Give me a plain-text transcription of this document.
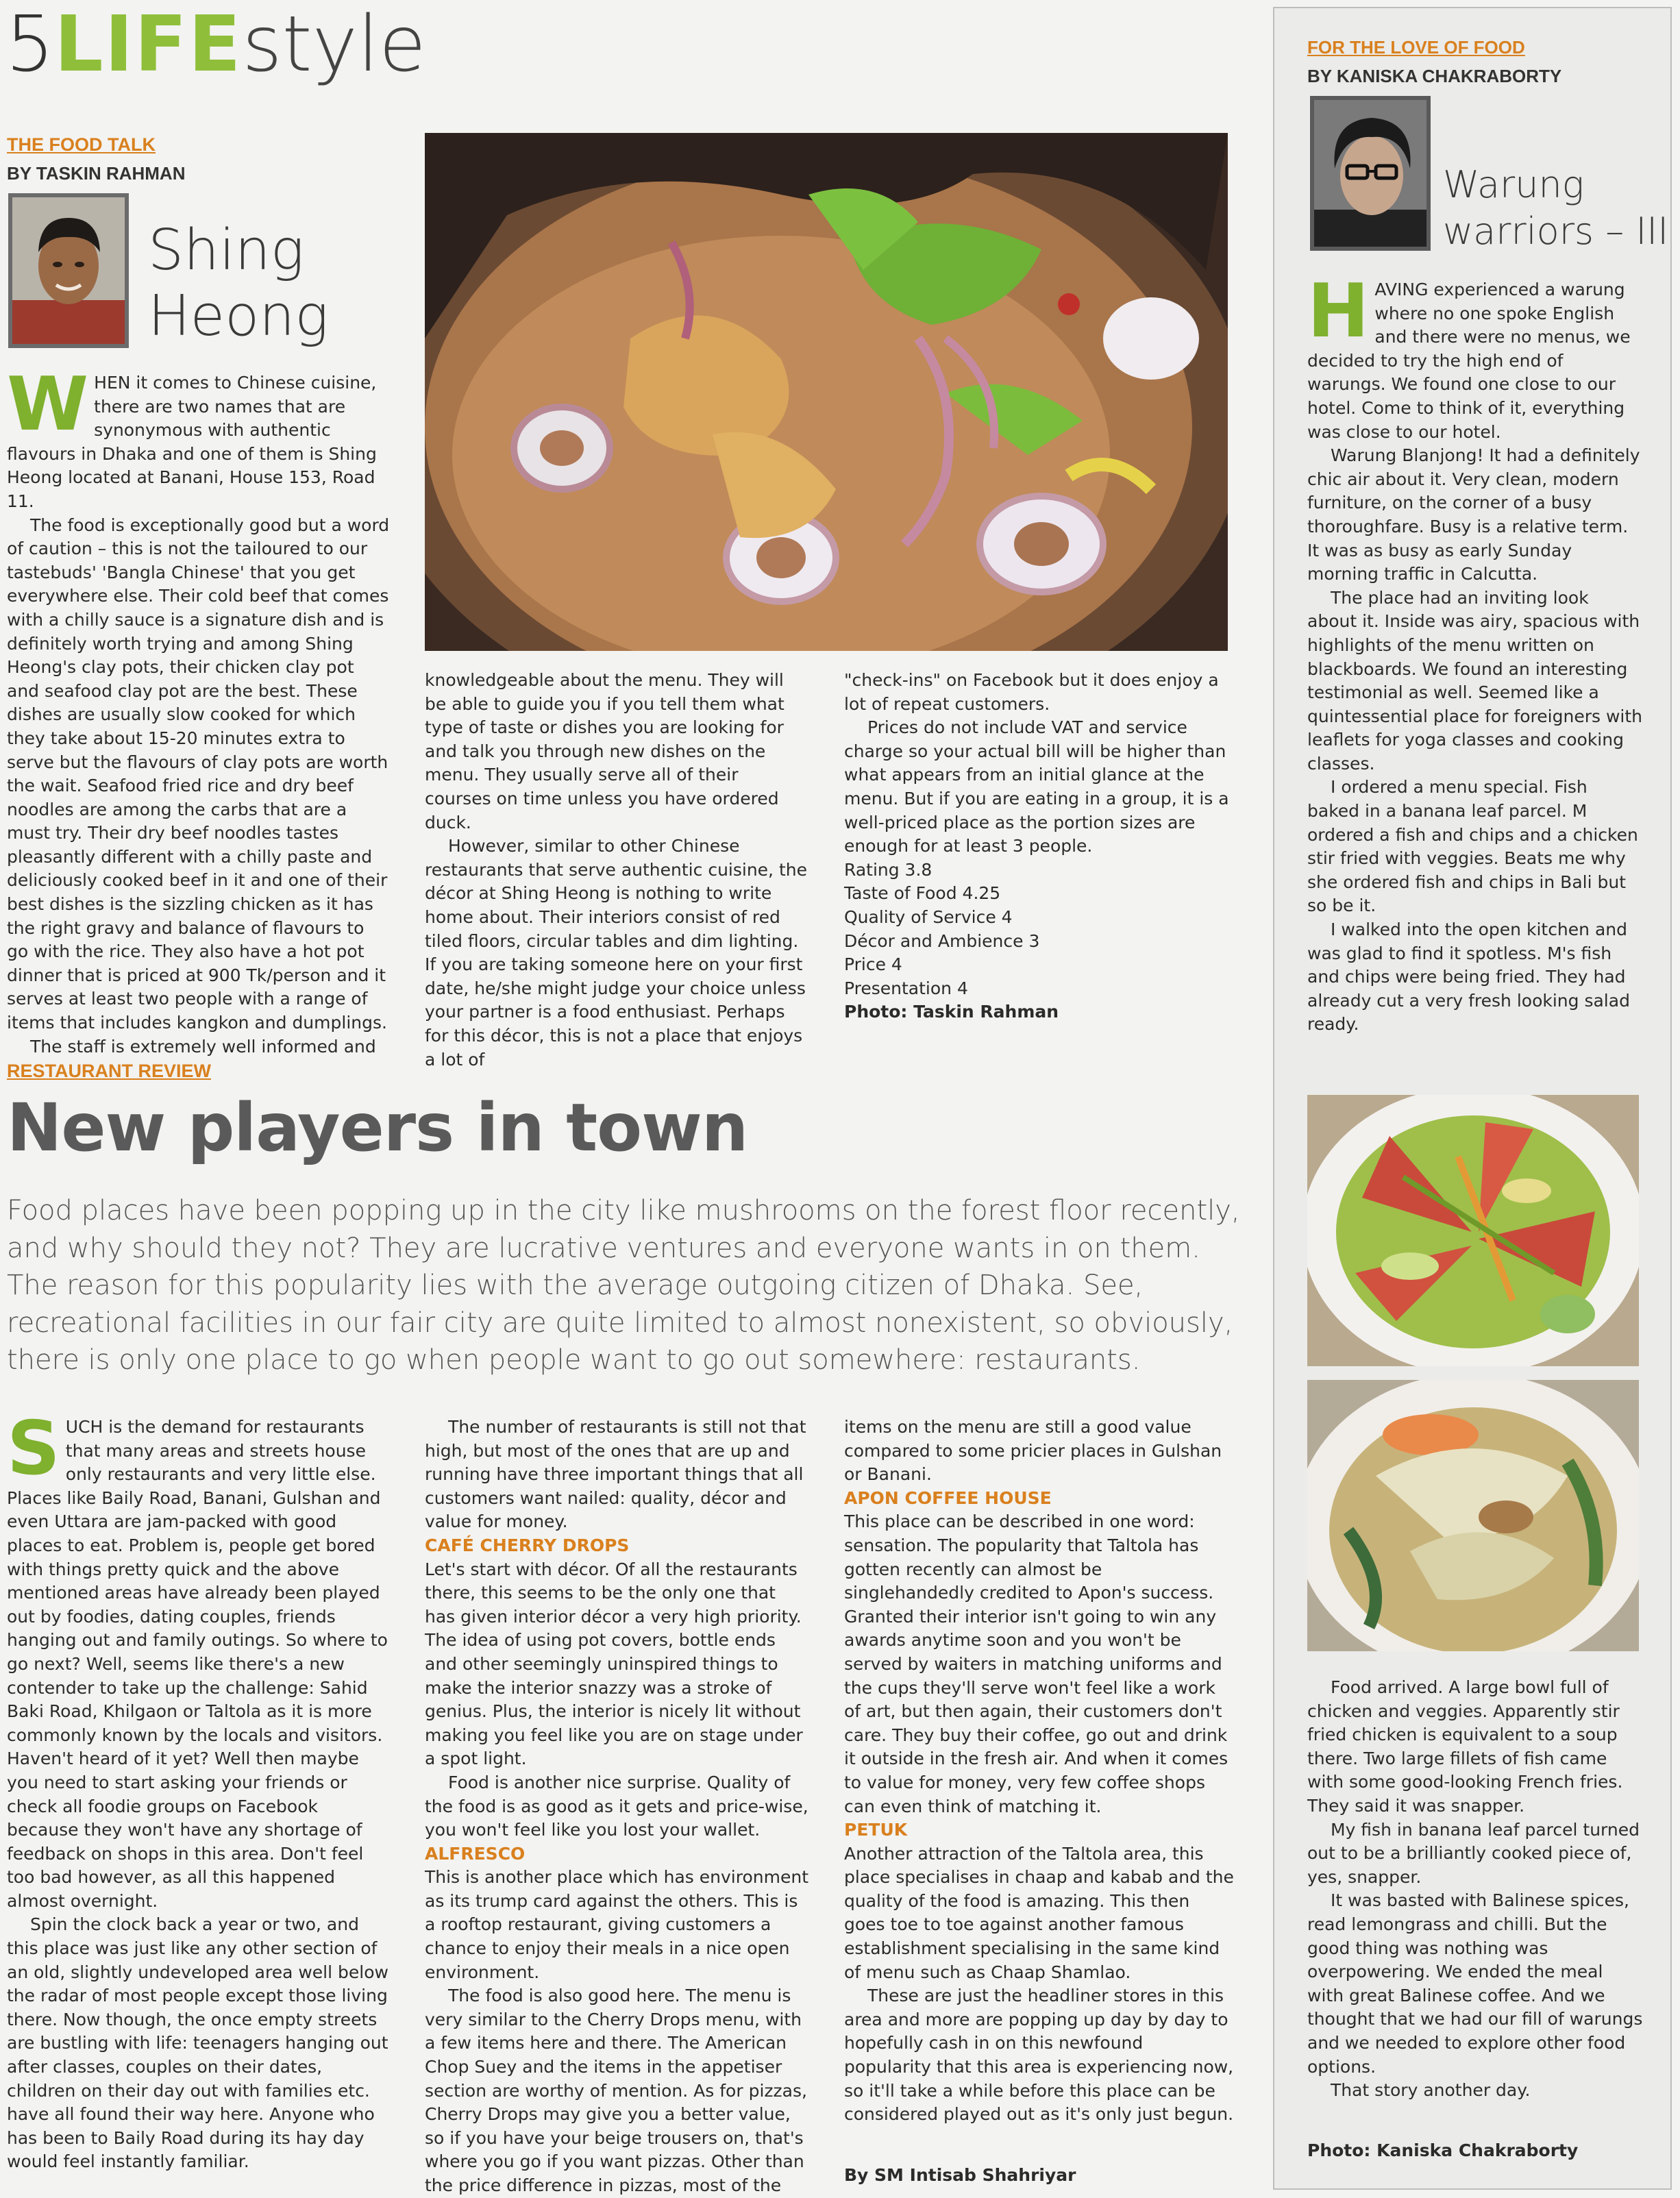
5 LIFE style
THE FOOD TALK
BY TASKIN RAHMAN
Shing
Heong
W HEN it comes to Chinese cuisine, there are two names that are synonymous with authentic flavours in Dhaka and one of them is Shing Heong located at Banani, House 153, Road 11.

The food is exceptionally good but a word of caution – this is not the tailoured to our tastebuds' 'Bangla Chinese' that you get everywhere else. Their cold beef that comes with a chilly sauce is a signature dish and is definitely worth trying and among Shing Heong's clay pots, their chicken clay pot and seafood clay pot are the best. These dishes are usually slow cooked for which they take about 15-20 minutes extra to serve but the flavours of clay pots are worth the wait. Seafood fried rice and dry beef noodles are among the carbs that are a must try. Their dry beef noodles tastes pleasantly different with a chilly paste and deliciously cooked beef in it and one of their best dishes is the sizzling chicken as it has the right gravy and balance of flavours to go with the rice. They also have a hot pot dinner that is priced at 900 Tk/person and it serves at least two people with a range of items that includes kangkon and dumplings.

The staff is extremely well informed and

knowledgeable about the menu. They will be able to guide you if you tell them what type of taste or dishes you are looking for and talk you through new dishes on the menu. They usually serve all of their courses on time unless you have ordered duck.

However, similar to other Chinese restaurants that serve authentic cuisine, the décor at Shing Heong is nothing to write home about. Their interiors consist of red tiled floors, circular tables and dim lighting. If you are taking someone here on your first date, he/she might judge your choice unless your partner is a food enthusiast. Perhaps for this décor, this is not a place that enjoys a lot of

"check-ins" on Facebook but it does enjoy a lot of repeat customers.

Prices do not include VAT and service charge so your actual bill will be higher than what appears from an initial glance at the menu. But if you are eating in a group, it is a well-priced place as the portion sizes are enough for at least 3 people.

Rating 3.8

Taste of Food 4.25

Quality of Service 4

Décor and Ambience 3

Price 4

Presentation 4

Photo: Taskin Rahman

RESTAURANT REVIEW
New players in town
Food places have been popping up in the city like mushrooms on the forest floor recently, and why should they not? They are lucrative ventures and everyone wants in on them. The reason for this popularity lies with the average outgoing citizen of Dhaka. See, recreational facilities in our fair city are quite limited to almost nonexistent, so obviously, there is only one place to go when people want to go out somewhere: restaurants.
S UCH is the demand for restaurants that many areas and streets house only restaurants and very little else. Places like Baily Road, Banani, Gulshan and even Uttara are jam-packed with good places to eat. Problem is, people get bored with things pretty quick and the above mentioned areas have already been played out by foodies, dating couples, friends hanging out and family outings. So where to go next? Well, seems like there's a new contender to take up the challenge: Sahid Baki Road, Khilgaon or Taltola as it is more commonly known by the locals and visitors. Haven't heard of it yet? Well then maybe you need to start asking your friends or check all foodie groups on Facebook because they won't have any shortage of feedback on shops in this area. Don't feel too bad however, as all this happened almost overnight.

Spin the clock back a year or two, and this place was just like any other section of an old, slightly undeveloped area well below the radar of most people except those living there. Now though, the once empty streets are bustling with life: teenagers hanging out after classes, couples on their dates, children on their day out with families etc. have all found their way here. Anyone who has been to Baily Road during its hay day would feel instantly familiar.

The number of restaurants is still not that high, but most of the ones that are up and running have three important things that all customers want nailed: quality, décor and value for money.

CAFÉ CHERRY DROPS

Let's start with décor. Of all the restaurants there, this seems to be the only one that has given interior décor a very high priority. The idea of using pot covers, bottle ends and other seemingly uninspired things to make the interior snazzy was a stroke of genius. Plus, the interior is nicely lit without making you feel like you are on stage under a spot light.

Food is another nice surprise. Quality of the food is as good as it gets and price-wise, you won't feel like you lost your wallet.

ALFRESCO

This is another place which has environment as its trump card against the others. This is a rooftop restaurant, giving customers a chance to enjoy their meals in a nice open environment.

The food is also good here. The menu is very similar to the Cherry Drops menu, with a few items here and there. The American Chop Suey and the items in the appetiser section are worthy of mention. As for pizzas, Cherry Drops may give you a better value, so if you have your beige trousers on, that's where you go if you want pizzas. Other than the price difference in pizzas, most of the

items on the menu are still a good value compared to some pricier places in Gulshan or Banani.

APON COFFEE HOUSE

This place can be described in one word: sensation. The popularity that Taltola has gotten recently can almost be singlehandedly credited to Apon's success. Granted their interior isn't going to win any awards anytime soon and you won't be served by waiters in matching uniforms and the cups they'll serve won't feel like a work of art, but then again, their customers don't care. They buy their coffee, go out and drink it outside in the fresh air. And when it comes to value for money, very few coffee shops can even think of matching it.

PETUK

Another attraction of the Taltola area, this place specialises in chaap and kabab and the quality of the food is amazing. This then goes toe to toe against another famous establishment specialising in the same kind of menu such as Chaap Shamlao.

These are just the headliner stores in this area and more are popping up day by day to hopefully cash in on this newfound popularity that this area is experiencing now, so it'll take a while before this place can be considered played out as it's only just begun.

By SM Intisab Shahriyar
FOR THE LOVE OF FOOD
BY KANISKA CHAKRABORTY
Warung
warriors – III
H AVING experienced a warung where no one spoke English and there were no menus, we decided to try the high end of warungs. We found one close to our hotel. Come to think of it, everything was close to our hotel.

Warung Blanjong! It had a definitely chic air about it. Very clean, modern furniture, on the corner of a busy thoroughfare. Busy is a relative term. It was as busy as early Sunday morning traffic in Calcutta.

The place had an inviting look about it. Inside was airy, spacious with highlights of the menu written on blackboards. We found an interesting testimonial as well. Seemed like a quintessential place for foreigners with leaflets for yoga classes and cooking classes.

I ordered a menu special. Fish baked in a banana leaf parcel. M ordered a fish and chips and a chicken stir fried with veggies. Beats me why she ordered fish and chips in Bali but so be it.

I walked into the open kitchen and was glad to find it spotless. M's fish and chips were being fried. They had already cut a very fresh looking salad ready.

Food arrived. A large bowl full of chicken and veggies. Apparently stir fried chicken is equivalent to a soup there. Two large fillets of fish came with some good-looking French fries. They said it was snapper.

My fish in banana leaf parcel turned out to be a brilliantly cooked piece of, yes, snapper.

It was basted with Balinese spices, read lemongrass and chilli. But the good thing was nothing was overpowering. We ended the meal with great Balinese coffee. And we thought that we had our fill of warungs and we needed to explore other food options.

That story another day.

Photo: Kaniska Chakraborty
